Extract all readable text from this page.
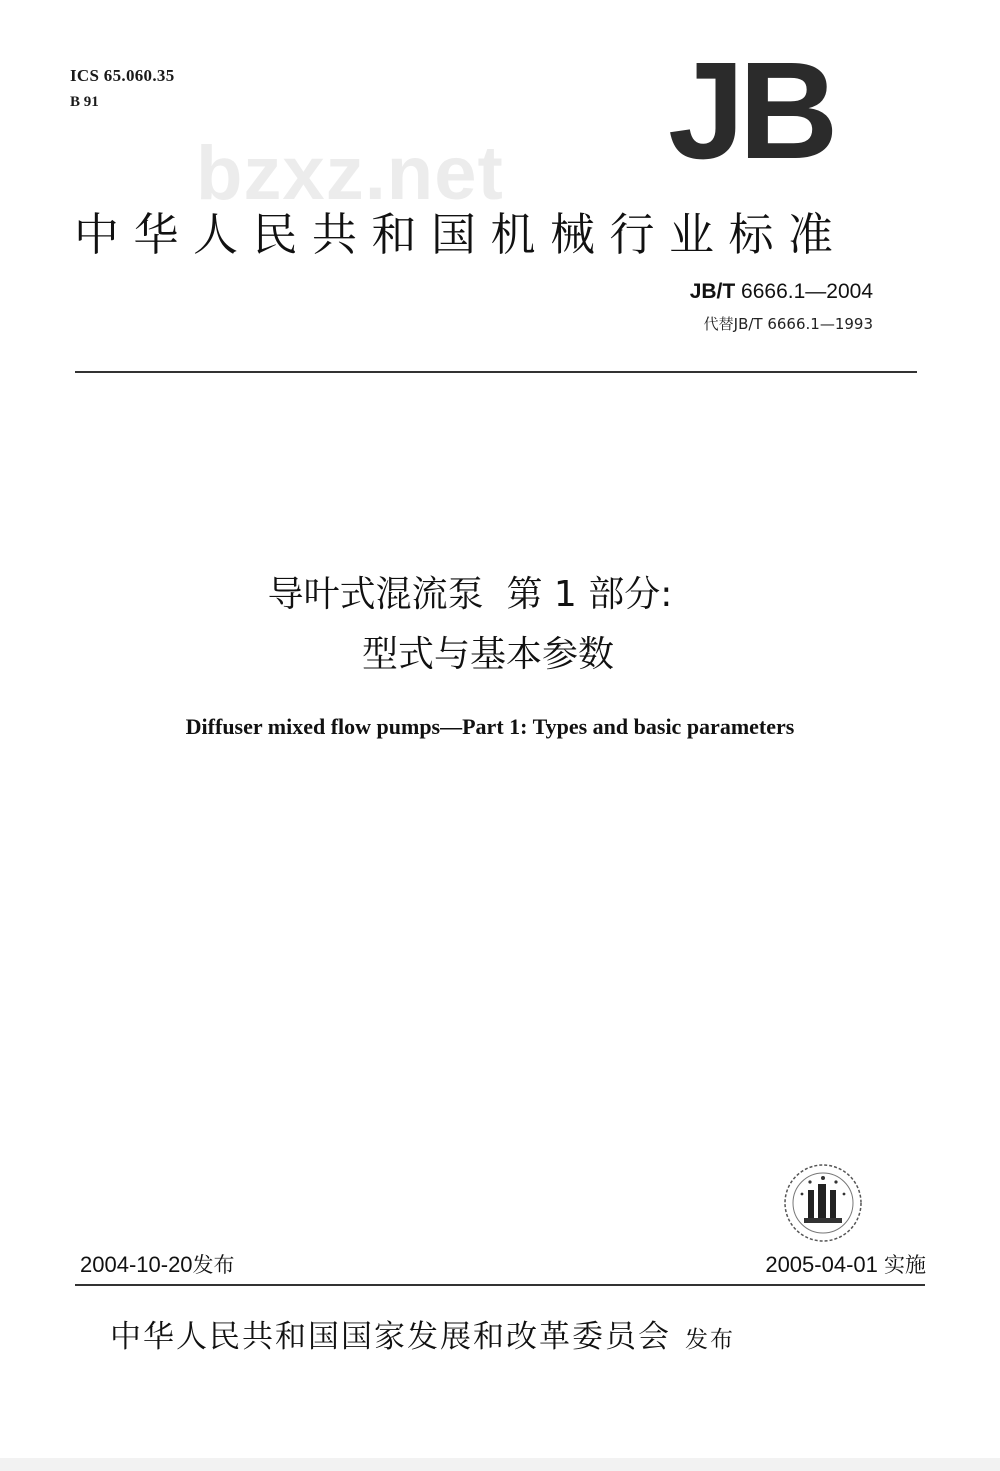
ICS 65.060.35
B 91
bzxz.net JB
中华人民共和国机械行业标准
JB/T 6666.1—2004
代替JB/T 6666.1—1993
导叶式混流泵  第 1 部分:
型式与基本参数
Diffuser mixed flow pumps—Part 1: Types and basic parameters
2004-10-20发布	2005-04-01 实施
中华人民共和国国家发展和改革委员会 发布
